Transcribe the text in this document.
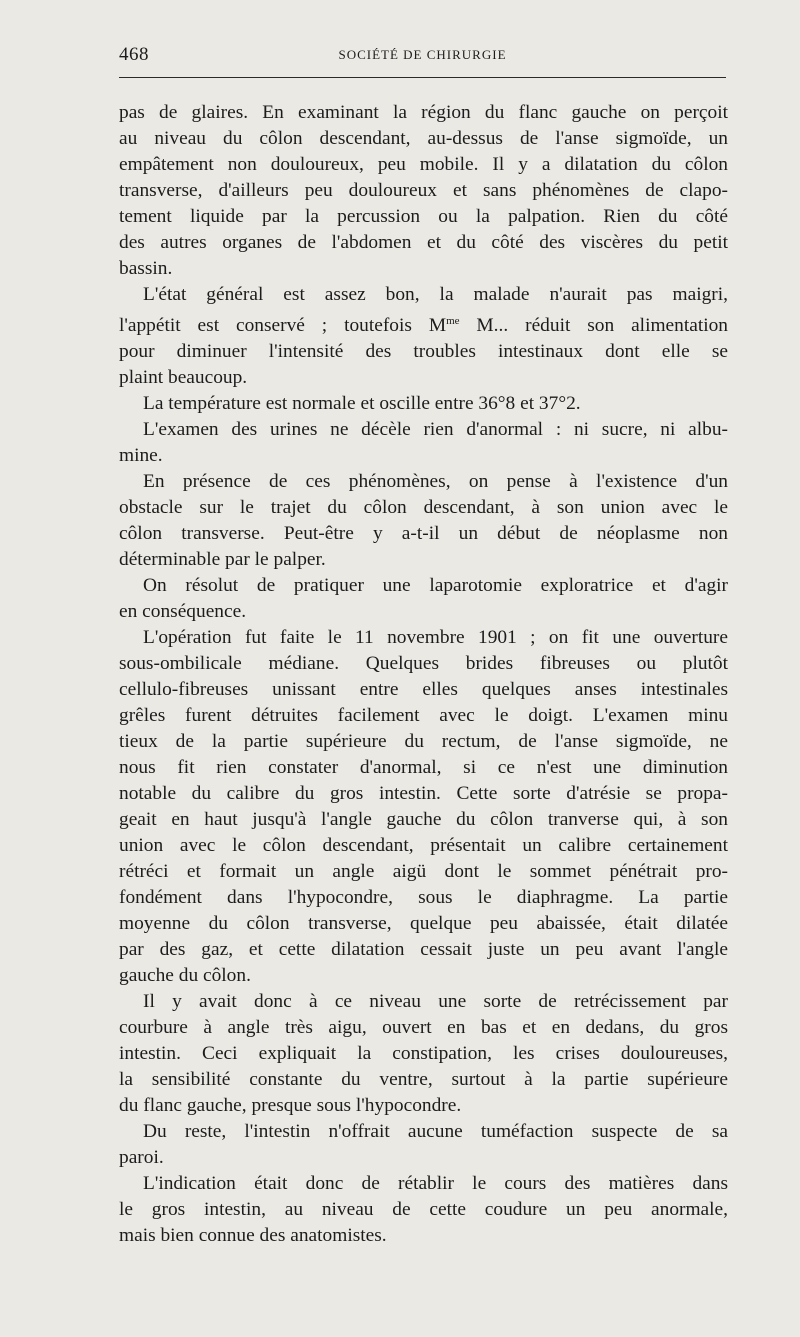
468	SOCIÉTÉ DE CHIRURGIE
pas de glaires. En examinant la région du flanc gauche on perçoit
au niveau du côlon descendant, au-dessus de l'anse sigmoïde, un
empâtement non douloureux, peu mobile. Il y a dilatation du côlon
transverse, d'ailleurs peu douloureux et sans phénomènes de clapo-
tement liquide par la percussion ou la palpation. Rien du côté
des autres organes de l'abdomen et du côté des viscères du petit
bassin.
L'état général est assez bon, la malade n'aurait pas maigri,
l'appétit est conservé ; toutefois $M^{me}$ M... réduit son alimentation
pour diminuer l'intensité des troubles intestinaux dont elle se
plaint beaucoup.
La température est normale et oscille entre 36°8 et 37°2.
L'examen des urines ne décèle rien d'anormal : ni sucre, ni albu-
mine.
En présence de ces phénomènes, on pense à l'existence d'un
obstacle sur le trajet du côlon descendant, à son union avec le
côlon transverse. Peut-être y a-t-il un début de néoplasme non
déterminable par le palper.
On résolut de pratiquer une laparotomie exploratrice et d'agir
en conséquence.
L'opération fut faite le 11 novembre 1901 ; on fit une ouverture
sous-ombilicale médiane. Quelques brides fibreuses ou plutôt
cellulo-fibreuses unissant entre elles quelques anses intestinales
grêles furent détruites facilement avec le doigt. L'examen minu
tieux de la partie supérieure du rectum, de l'anse sigmoïde, ne
nous fit rien constater d'anormal, si ce n'est une diminution
notable du calibre du gros intestin. Cette sorte d'atrésie se propa-
geait en haut jusqu'à l'angle gauche du côlon tranverse qui, à son
union avec le côlon descendant, présentait un calibre certainement
rétréci et formait un angle aigü dont le sommet pénétrait pro-
fondément dans l'hypocondre, sous le diaphragme. La partie
moyenne du côlon transverse, quelque peu abaissée, était dilatée
par des gaz, et cette dilatation cessait juste un peu avant l'angle
gauche du côlon.
Il y avait donc à ce niveau une sorte de retrécissement par
courbure à angle très aigu, ouvert en bas et en dedans, du gros
intestin. Ceci expliquait la constipation, les crises douloureuses,
la sensibilité constante du ventre, surtout à la partie supérieure
du flanc gauche, presque sous l'hypocondre.
Du reste, l'intestin n'offrait aucune tuméfaction suspecte de sa
paroi.
L'indication était donc de rétablir le cours des matières dans
le gros intestin, au niveau de cette coudure un peu anormale,
mais bien connue des anatomistes.
